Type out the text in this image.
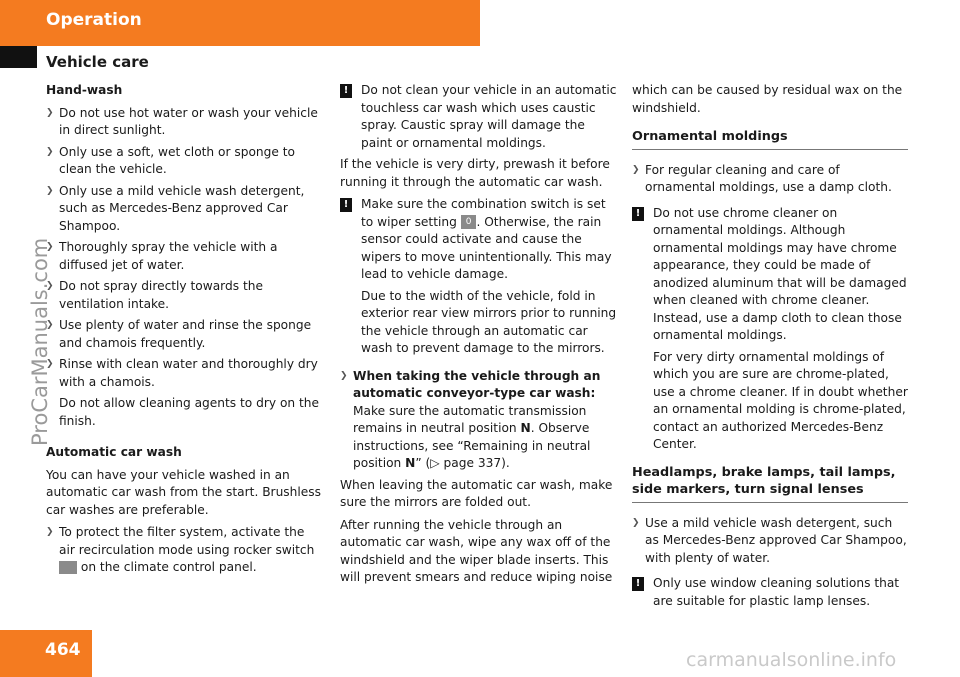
Operation
Vehicle care
ProCarManuals.com
Hand-wash
❯ Do not use hot water or wash your vehicle in direct sunlight.
❯ Only use a soft, wet cloth or sponge to clean the vehicle.
❯ Only use a mild vehicle wash detergent, such as Mercedes-Benz approved Car Shampoo.
❯ Thoroughly spray the vehicle with a diffused jet of water.
❯ Do not spray directly towards the ventilation intake.
❯ Use plenty of water and rinse the sponge and chamois frequently.
❯ Rinse with clean water and thoroughly dry with a chamois.
Do not allow cleaning agents to dry on the finish.
Automatic car wash

You can have your vehicle washed in an automatic car wash from the start. Brushless car washes are preferable.

❯ To protect the filter system, activate the air recirculation mode using rocker switch  on the climate control panel.
!	Do not clean your vehicle in an automatic touchless car wash which uses caustic spray. Caustic spray will damage the paint or ornamental moldings.

If the vehicle is very dirty, prewash it before running it through the automatic car wash.

!	Make sure the combination switch is set to wiper setting 0 . Otherwise, the rain sensor could activate and cause the wipers to move unintentionally. This may lead to vehicle damage.
Due to the width of the vehicle, fold in exterior rear view mirrors prior to running the vehicle through an automatic car wash to prevent damage to the mirrors.
❯ When taking the vehicle through an automatic conveyor-type car wash:
Make sure the automatic transmission remains in neutral position N. Observe instructions, see “Remaining in neutral position N” (▷ page 337).

When leaving the automatic car wash, make sure the mirrors are folded out.

After running the vehicle through an automatic car wash, wipe any wax off of the windshield and the wiper blade inserts. This will prevent smears and reduce wiping noise

which can be caused by residual wax on the windshield.

Ornamental moldings
❯ For regular cleaning and care of ornamental moldings, use a damp cloth.
!	Do not use chrome cleaner on ornamental moldings. Although ornamental moldings may have chrome appearance, they could be made of anodized aluminum that will be damaged when cleaned with chrome cleaner. Instead, use a damp cloth to clean those ornamental moldings.
For very dirty ornamental moldings of which you are sure are chrome-plated, use a chrome cleaner. If in doubt whether an ornamental molding is chrome-plated, contact an authorized Mercedes-Benz Center.
Headlamps, brake lamps, tail lamps, side markers, turn signal lenses
❯ Use a mild vehicle wash detergent, such as Mercedes-Benz approved Car Shampoo, with plenty of water.
!	Only use window cleaning solutions that are suitable for plastic lamp lenses.
464	carmanualsonline.info
